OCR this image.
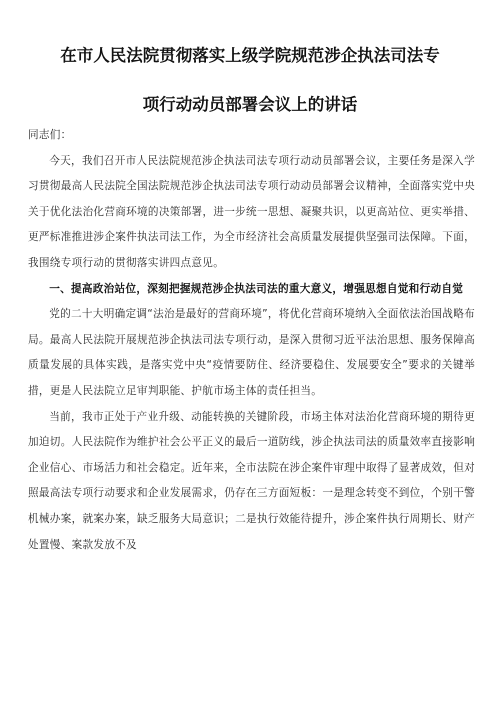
在市人民法院贯彻落实上级学院规范涉企执法司法专
项行动动员部署会议上的讲话

同志们：

今天，我们召开市人民法院规范涉企执法司法专项行动动员部署会议，主要任务是深入学习贯彻最高人民法院全国法院规范涉企执法司法专项行动动员部署会议精神，全面落实党中央关于优化法治化营商环境的决策部署，进一步统一思想、凝聚共识，以更高站位、更实举措、更严标准推进涉企案件执法司法工作，为全市经济社会高质量发展提供坚强司法保障。下面，我围绕专项行动的贯彻落实讲四点意见。

一、提高政治站位，深刻把握规范涉企执法司法的重大意义，增强思想自觉和行动自觉

党的二十大明确定调“法治是最好的营商环境”，将优化营商环境纳入全面依法治国战略布局。最高人民法院开展规范涉企执法司法专项行动，是深入贯彻习近平法治思想、服务保障高质量发展的具体实践，是落实党中央“疫情要防住、经济要稳住、发展要安全”要求的关键举措，更是人民法院立足审判职能、护航市场主体的责任担当。

当前，我市正处于产业升级、动能转换的关键阶段，市场主体对法治化营商环境的期待更加迫切。人民法院作为维护社会公平正义的最后一道防线，涉企执法司法的质量效率直接影响企业信心、市场活力和社会稳定。近年来，全市法院在涉企案件审理中取得了显著成效，但对照最高法专项行动要求和企业发展需求，仍存在三方面短板：一是理念转变不到位，个别干警机械办案，就案办案，缺乏服务大局意识；二是执行效能待提升，涉企案件执行周期长、财产处置慢、案款发放不及
